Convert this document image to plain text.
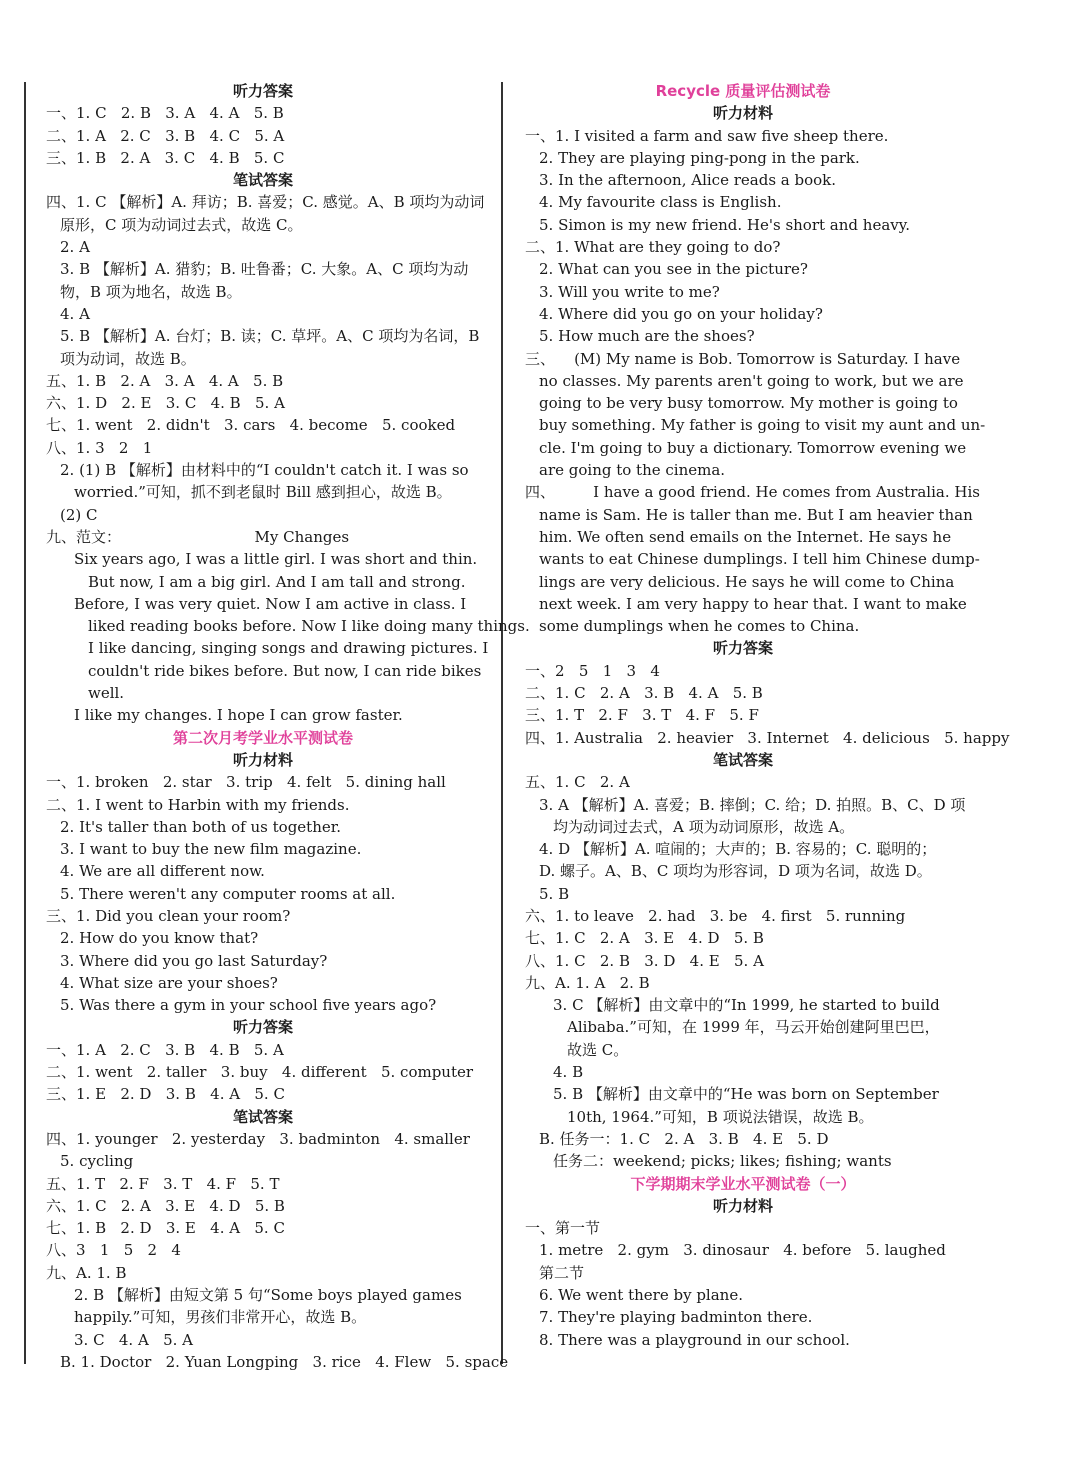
听力答案
一、1. C   2. B   3. A   4. A   5. B
二、1. A   2. C   3. B   4. C   5. A
三、1. B   2. A   3. C   4. B   5. C
笔试答案
四、1. C 【解析】A. 拜访；B. 喜爱；C. 感觉。A、B 项均为动词
原形，C 项为动词过去式，故选 C。
2. A
3. B 【解析】A. 猎豹；B. 吐鲁番；C. 大象。A、C 项均为动
物，B 项为地名，故选 B。
4. A
5. B 【解析】A. 台灯；B. 读；C. 草坪。A、C 项均为名词，B
项为动词，故选 B。
五、1. B   2. A   3. A   4. A   5. B
六、1. D   2. E   3. C   4. B   5. A
七、1. went   2. didn't   3. cars   4. become   5. cooked
八、1. 3   2   1
2. (1) B 【解析】由材料中的“I couldn't catch it. I was so
worried.”可知，抓不到老鼠时 Bill 感到担心，故选 B。
(2) C
九、范文：                            My Changes
Six years ago, I was a little girl. I was short and thin.
But now, I am a big girl. And I am tall and strong.
Before, I was very quiet. Now I am active in class. I
liked reading books before. Now I like doing many things.
I like dancing, singing songs and drawing pictures. I
couldn't ride bikes before. But now, I can ride bikes
well.
I like my changes. I hope I can grow faster.
第二次月考学业水平测试卷
听力材料
一、1. broken   2. star   3. trip   4. felt   5. dining hall
二、1. I went to Harbin with my friends.
2. It's taller than both of us together.
3. I want to buy the new film magazine.
4. We are all different now.
5. There weren't any computer rooms at all.
三、1. Did you clean your room?
2. How do you know that?
3. Where did you go last Saturday?
4. What size are your shoes?
5. Was there a gym in your school five years ago?
听力答案
一、1. A   2. C   3. B   4. B   5. A
二、1. went   2. taller   3. buy   4. different   5. computer
三、1. E   2. D   3. B   4. A   5. C
笔试答案
四、1. younger   2. yesterday   3. badminton   4. smaller
5. cycling
五、1. T   2. F   3. T   4. F   5. T
六、1. C   2. A   3. E   4. D   5. B
七、1. B   2. D   3. E   4. A   5. C
八、3   1   5   2   4
九、A. 1. B
2. B 【解析】由短文第 5 句“Some boys played games
happily.”可知，男孩们非常开心，故选 B。
3. C   4. A   5. A
B. 1. Doctor   2. Yuan Longping   3. rice   4. Flew   5. space
Recycle 质量评估测试卷
听力材料
一、1. I visited a farm and saw five sheep there.
2. They are playing ping-pong in the park.
3. In the afternoon, Alice reads a book.
4. My favourite class is English.
5. Simon is my new friend. He's short and heavy.
二、1. What are they going to do?
2. What can you see in the picture?
3. Will you write to me?
4. Where did you go on your holiday?
5. How much are the shoes?
三、    (M) My name is Bob. Tomorrow is Saturday. I have
no classes. My parents aren't going to work, but we are
going to be very busy tomorrow. My mother is going to
buy something. My father is going to visit my aunt and un-
cle. I'm going to buy a dictionary. Tomorrow evening we
are going to the cinema.
四、        I have a good friend. He comes from Australia. His
name is Sam. He is taller than me. But I am heavier than
him. We often send emails on the Internet. He says he
wants to eat Chinese dumplings. I tell him Chinese dump-
lings are very delicious. He says he will come to China
next week. I am very happy to hear that. I want to make
some dumplings when he comes to China.
听力答案
一、2   5   1   3   4
二、1. C   2. A   3. B   4. A   5. B
三、1. T   2. F   3. T   4. F   5. F
四、1. Australia   2. heavier   3. Internet   4. delicious   5. happy
笔试答案
五、1. C   2. A
3. A 【解析】A. 喜爱；B. 摔倒；C. 给；D. 拍照。B、C、D 项
均为动词过去式，A 项为动词原形，故选 A。
4. D 【解析】A. 喧闹的；大声的；B. 容易的；C. 聪明的；
D. 螺子。A、B、C 项均为形容词，D 项为名词，故选 D。
5. B
六、1. to leave   2. had   3. be   4. first   5. running
七、1. C   2. A   3. E   4. D   5. B
八、1. C   2. B   3. D   4. E   5. A
九、A. 1. A   2. B
3. C 【解析】由文章中的“In 1999, he started to build
Alibaba.”可知，在 1999 年，马云开始创建阿里巴巴，
故选 C。
4. B
5. B 【解析】由文章中的“He was born on September
10th, 1964.”可知，B 项说法错误，故选 B。
B. 任务一：1. C   2. A   3. B   4. E   5. D
任务二：weekend; picks; likes; fishing; wants
下学期期末学业水平测试卷（一）
听力材料
一、第一节
1. metre   2. gym   3. dinosaur   4. before   5. laughed
第二节
6. We went there by plane.
7. They're playing badminton there.
8. There was a playground in our school.
